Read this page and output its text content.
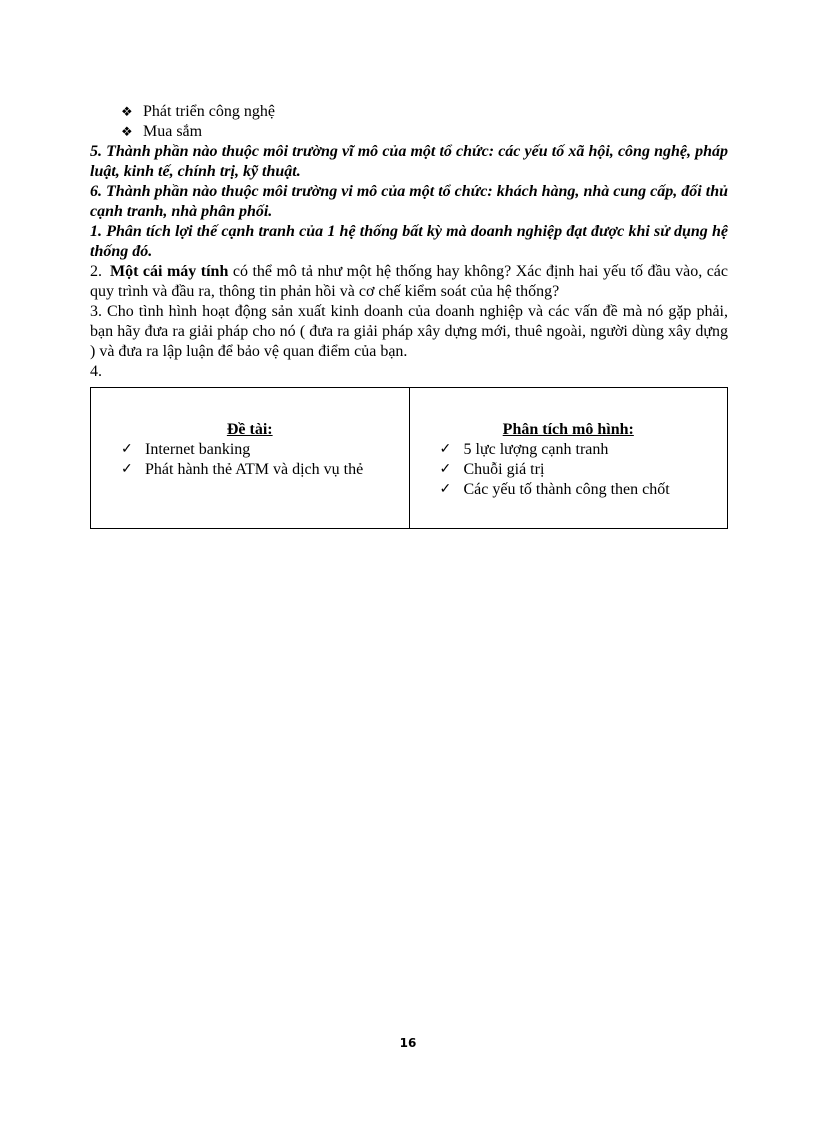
❖ Phát triển công nghệ
❖ Mua sắm

5. Thành phần nào thuộc môi trường vĩ mô của một tổ chức: các yếu tố xã hội, công nghệ, pháp luật, kinh tế, chính trị, kỹ thuật.

6. Thành phần nào thuộc môi trường vi mô của một tổ chức: khách hàng, nhà cung cấp, đối thủ cạnh tranh, nhà phân phối.

1. Phân tích lợi thế cạnh tranh của 1 hệ thống bất kỳ mà doanh nghiệp đạt được khi sử dụng hệ thống đó.

2. Một cái máy tính có thể mô tả như một hệ thống hay không? Xác định hai yếu tố đầu vào, các quy trình và đầu ra, thông tin phản hồi và cơ chế kiểm soát của hệ thống?

3. Cho tình hình hoạt động sản xuất kinh doanh của doanh nghiệp và các vấn đề mà nó gặp phải, bạn hãy đưa ra giải pháp cho nó ( đưa ra giải pháp xây dựng mới, thuê ngoài, người dùng xây dựng ) và đưa ra lập luận để bảo vệ quan điểm của bạn.

4.

Đề tài:
✓ Internet banking
✓ Phát hành thẻ ATM và dịch vụ thẻ
Phân tích mô hình:
✓ 5 lực lượng cạnh tranh
✓ Chuỗi giá trị
✓ Các yếu tố thành công then chốt
16
